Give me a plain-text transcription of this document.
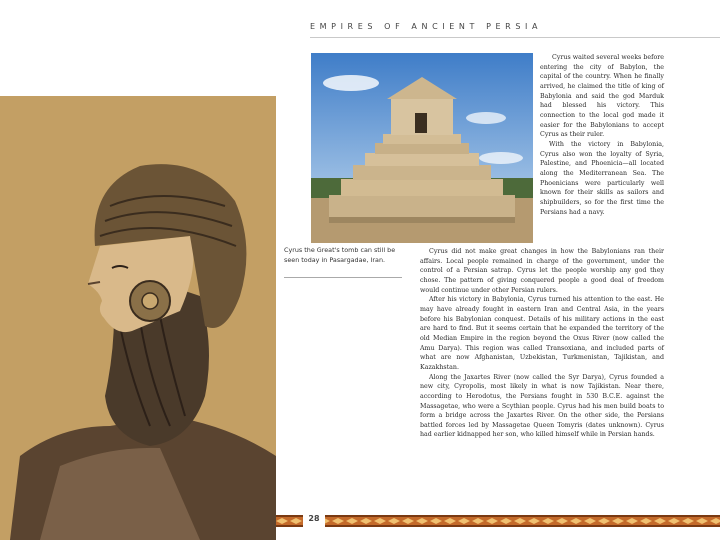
EMPIRES OF ANCIENT PERSIA
Cyrus the Great's tomb can still be seen today in Pasargadae, Iran.

Cyrus waited several weeks before entering the city of Babylon, the capital of the country. When he finally arrived, he claimed the title of king of Babylonia and said the god Marduk had blessed his victory. This connection to the local god made it easier for the Babylonians to accept Cyrus as their ruler.

With the victory in Babylonia, Cyrus also won the loyalty of Syria, Palestine, and Phoenicia—all located along the Mediterranean Sea. The Phoenicians were particularly well known for their skills as sailors and shipbuilders, so for the first time the Persians had a navy.

Cyrus did not make great changes in how the Babylonians ran their affairs. Local people remained in charge of the government, under the control of a Persian satrap. Cyrus let the people worship any god they chose. The pattern of giving conquered people a good deal of freedom would continue under other Persian rulers.

After his victory in Babylonia, Cyrus turned his attention to the east. He may have already fought in eastern Iran and Central Asia, in the years before his Babylonian conquest. Details of his military actions in the east are hard to find. But it seems certain that he expanded the territory of the old Median Empire in the region beyond the Oxus River (now called the Amu Darya). This region was called Transoxiana, and included parts of what are now Afghanistan, Uzbekistan, Turkmenistan, Tajikistan, and Kazakhstan.

Along the Jaxartes River (now called the Syr Darya), Cyrus founded a new city, Cyropolis, most likely in what is now Tajikistan. Near there, according to Herodotus, the Persians fought in 530 B.C.E. against the Massagetae, who were a Scythian people. Cyrus had his men build boats to form a bridge across the Jaxartes River. On the other side, the Persians battled forces led by Massagetae Queen Tomyris (dates unknown). Cyrus had earlier kidnapped her son, who killed himself while in Persian hands.

28
